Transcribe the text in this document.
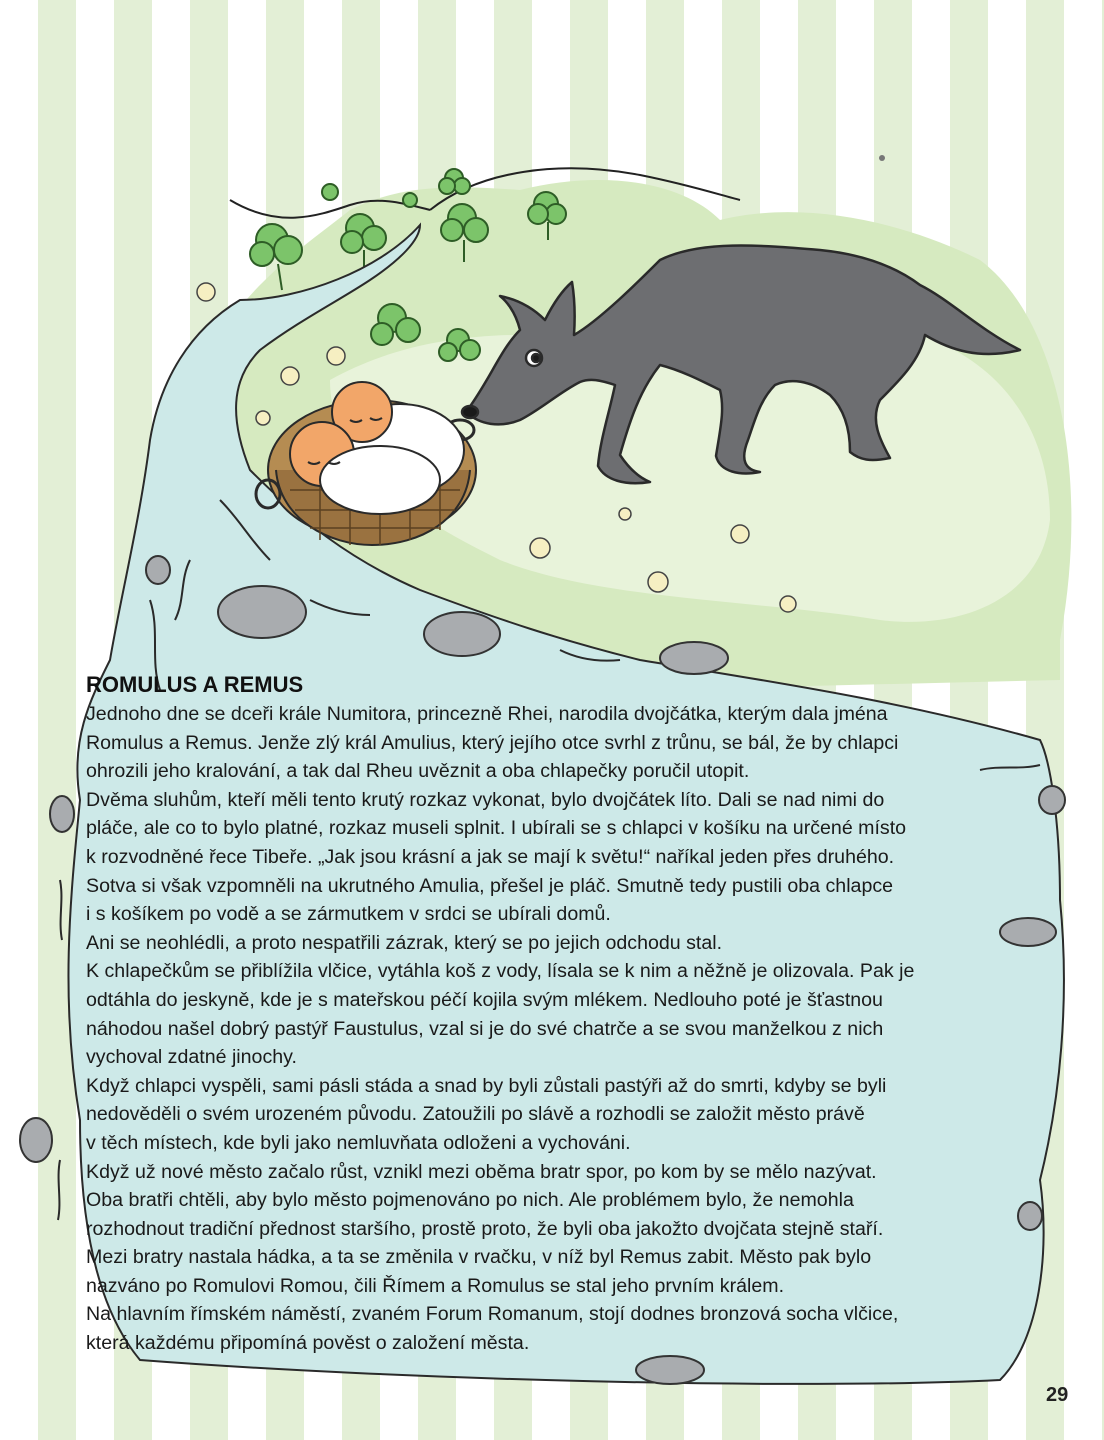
ROMULUS A REMUS

Jednoho dne se dceři krále Numitora, princezně Rhei, narodila dvojčátka, kterým dala jména

Romulus a Remus. Jenže zlý král Amulius, který jejího otce svrhl z trůnu, se bál, že by chlapci

ohrozili jeho kralování, a tak dal Rheu uvěznit a oba chlapečky poručil utopit.

Dvěma sluhům, kteří měli tento krutý rozkaz vykonat, bylo dvojčátek líto. Dali se nad nimi do

pláče, ale co to bylo platné, rozkaz museli splnit. I ubírali se s chlapci v košíku na určené místo

k rozvodněné řece Tibeře. „Jak jsou krásní a jak se mají k světu!“ naříkal jeden přes druhého.

Sotva si však vzpomněli na ukrutného Amulia, přešel je pláč. Smutně tedy pustili oba chlapce

i s košíkem po vodě a se zármutkem v srdci se ubírali domů.

Ani se neohlédli, a proto nespatřili zázrak, který se po jejich odchodu stal.

K chlapečkům se přiblížila vlčice, vytáhla koš z vody, lísala se k nim a něžně je olizovala. Pak je

odtáhla do jeskyně, kde je s mateřskou péčí kojila svým mlékem. Nedlouho poté je šťastnou

náhodou našel dobrý pastýř Faustulus, vzal si je do své chatrče a se svou manželkou z nich

vychoval zdatné jinochy.

Když chlapci vyspěli, sami pásli stáda a snad by byli zůstali pastýři až do smrti, kdyby se byli

nedověděli o svém urozeném původu. Zatoužili po slávě a rozhodli se založit město právě

v těch místech, kde byli jako nemluvňata odloženi a vychováni.

Když už nové město začalo růst, vznikl mezi oběma bratr spor, po kom by se mělo nazývat.

Oba bratři chtěli, aby bylo město pojmenováno po nich. Ale problémem bylo, že nemohla

rozhodnout tradiční přednost staršího, prostě proto, že byli oba jakožto dvojčata stejně staří.

Mezi bratry nastala hádka, a ta se změnila v rvačku, v níž byl Remus zabit. Město pak bylo

nazváno po Romulovi Romou, čili Římem a Romulus se stal jeho prvním králem.

Na hlavním římském náměstí, zvaném Forum Romanum, stojí dodnes bronzová socha vlčice,

která každému připomíná pověst o založení města.

29
